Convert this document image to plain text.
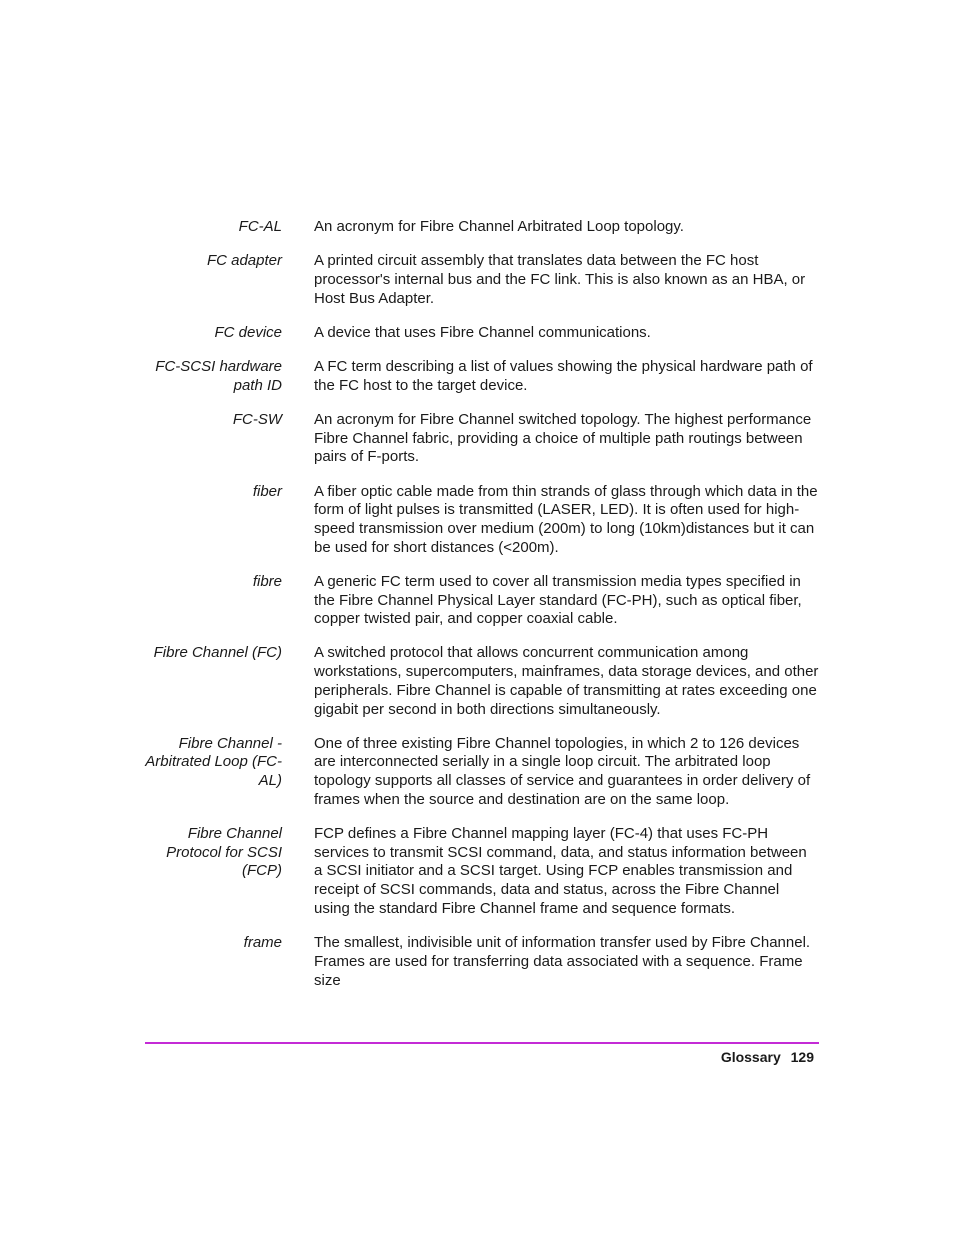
FC-AL An acronym for Fibre Channel Arbitrated Loop topology.
FC adapter A printed circuit assembly that translates data between the FC host processor's internal bus and the FC link. This is also known as an HBA, or Host Bus Adapter.
FC device A device that uses Fibre Channel communications.
FC-SCSI hardware path ID
A FC term describing a list of values showing the physical hardware path of the FC host to the target device.
FC-SW An acronym for Fibre Channel switched topology. The highest performance Fibre Channel fabric, providing a choice of multiple path routings between pairs of F-ports.
fiber A fiber optic cable made from thin strands of glass through which data in the form of light pulses is transmitted (LASER, LED). It is often used for high-speed transmission over medium (200m) to long (10km)distances but it can be used for short distances (<200m).
fibre A generic FC term used to cover all transmission media types specified in the Fibre Channel Physical Layer standard (FC-PH), such as optical fiber, copper twisted pair, and copper coaxial cable.
Fibre Channel (FC) A switched protocol that allows concurrent communication among workstations, supercomputers, mainframes, data storage devices, and other peripherals. Fibre Channel is capable of transmitting at rates exceeding one gigabit per second in both directions simultaneously.
Fibre Channel - Arbitrated Loop (FC-AL)
One of three existing Fibre Channel topologies, in which 2 to 126 devices are interconnected serially in a single loop circuit. The arbitrated loop topology supports all classes of service and guarantees in order delivery of frames when the source and destination are on the same loop.
Fibre Channel Protocol for SCSI (FCP)
FCP defines a Fibre Channel mapping layer (FC-4) that uses FC-PH services to transmit SCSI command, data, and status information between a SCSI initiator and a SCSI target. Using FCP enables transmission and receipt of SCSI commands, data and status, across the Fibre Channel using the standard Fibre Channel frame and sequence formats.
frame The smallest, indivisible unit of information transfer used by Fibre Channel. Frames are used for transferring data associated with a sequence. Frame size
Glossary 129
